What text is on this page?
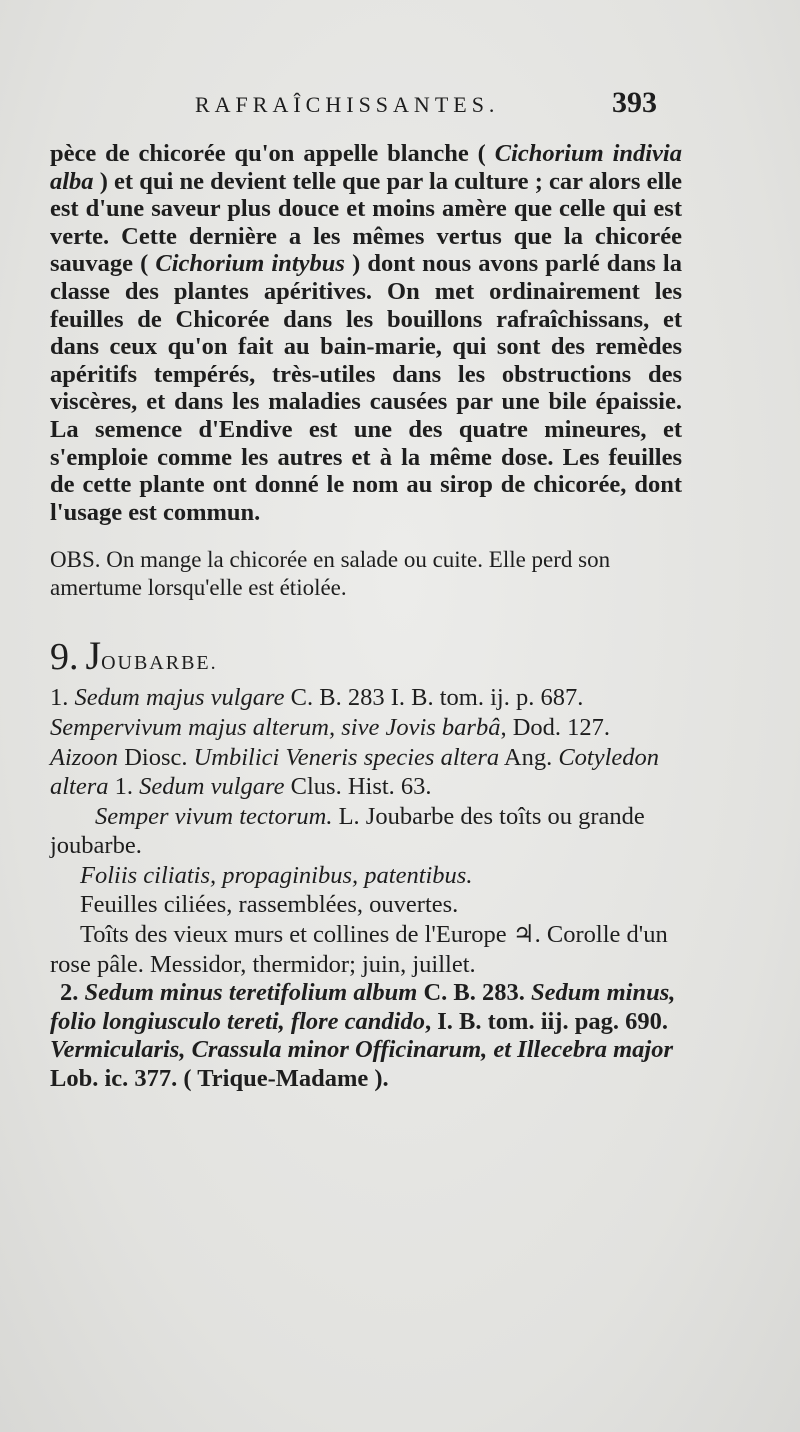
RAFRAÎCHISSANTES.	393

pèce de chicorée qu'on appelle blanche ( Cichorium indivia alba ) et qui ne devient telle que par la culture ; car alors elle est d'une saveur plus douce et moins amère que celle qui est verte. Cette dernière a les mêmes vertus que la chicorée sauvage ( Cichorium intybus ) dont nous avons parlé dans la classe des plantes apéritives. On met ordinairement les feuilles de Chicorée dans les bouillons rafraîchissans, et dans ceux qu'on fait au bain-marie, qui sont des remèdes apéritifs tempérés, très-utiles dans les obstructions des viscères, et dans les maladies causées par une bile épaissie. La semence d'Endive est une des quatre mineures, et s'emploie comme les autres et à la même dose. Les feuilles de cette plante ont donné le nom au sirop de chicorée, dont l'usage est commun.

OBS. On mange la chicorée en salade ou cuite. Elle perd son amertume lorsqu'elle est étiolée.

9. JOUBARBE.

1. Sedum majus vulgare C. B. 283 I. B. tom. ij. p. 687. Sempervivum majus alterum, sive Jovis barbâ, Dod. 127. Aizoon Diosc. Umbilici Veneris species altera Ang. Cotyledon altera 1. Sedum vulgare Clus. Hist. 63.

Semper vivum tectorum. L. Joubarbe des toîts ou grande joubarbe.

Foliis ciliatis, propaginibus, patentibus.

Feuilles ciliées, rassemblées, ouvertes.

Toîts des vieux murs et collines de l'Europe ♃. Corolle d'un rose pâle. Messidor, thermidor; juin, juillet.

2. Sedum minus teretifolium album C. B. 283. Sedum minus, folio longiusculo tereti, flore candido, I. B. tom. iij. pag. 690. Vermicularis, Crassula minor Officinarum, et Illecebra major Lob. ic. 377. ( Trique-Madame ).
